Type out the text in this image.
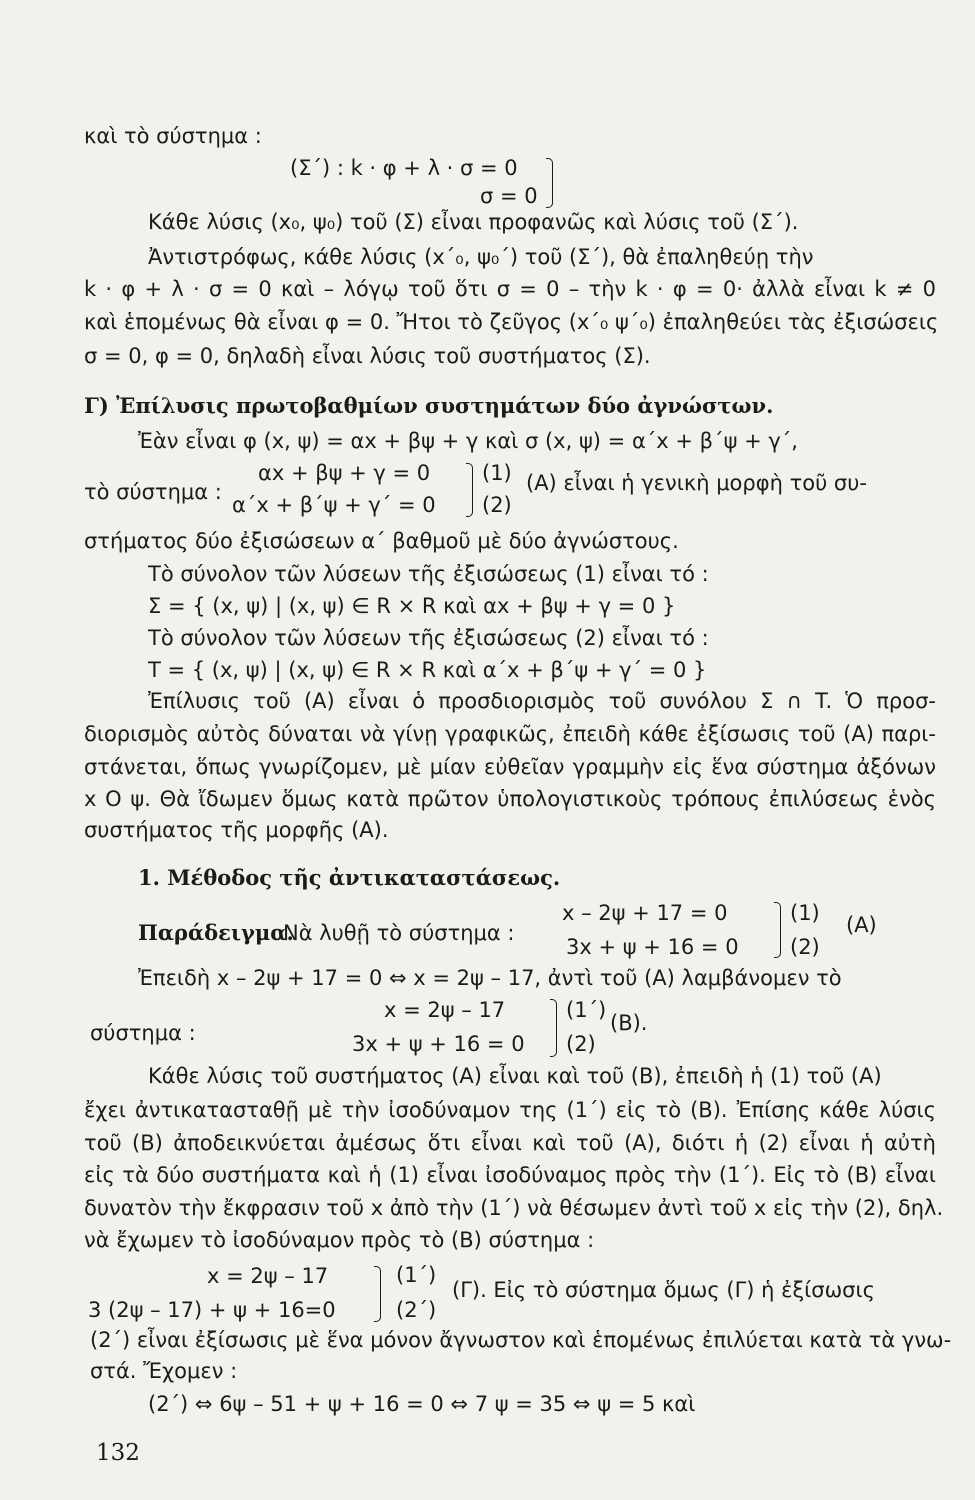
καὶ τὸ σύστημα :
(Σ΄) : k · φ + λ · σ = 0
σ = 0
Κάθε λύσις (x₀, ψ₀) τοῦ (Σ) εἶναι προφανῶς καὶ λύσις τοῦ (Σ΄).
Ἀντιστρόφως, κάθε λύσις (x΄₀, ψ₀΄) τοῦ (Σ΄), θὰ ἐπαληθεύῃ τὴν
k · φ + λ · σ = 0 καὶ – λόγῳ τοῦ ὅτι σ = 0 – τὴν k · φ = 0· ἀλλὰ εἶναι k ≠ 0
καὶ ἑπομένως θὰ εἶναι φ = 0. Ἤτοι τὸ ζεῦγος (x΄₀ ψ΄₀) ἐπαληθεύει τὰς ἐξισώσεις
σ = 0, φ = 0, δηλαδὴ εἶναι λύσις τοῦ συστήματος (Σ).
Γ) Ἐπίλυσις πρωτοβαθμίων συστημάτων δύο ἀγνώστων.
Ἐὰν εἶναι φ (x, ψ) = αx + βψ + γ καὶ σ (x, ψ) = α΄x + β΄ψ + γ΄,
τὸ σύστημα :
αx + βψ + γ = 0 (1) (Α) εἶναι ἡ γενικὴ μορφὴ τοῦ συ-
α΄x + β΄ψ + γ΄ = 0 (2)
στήματος δύο ἐξισώσεων α΄ βαθμοῦ μὲ δύο ἀγνώστους.
Τὸ σύνολον τῶν λύσεων τῆς ἐξισώσεως (1) εἶναι τό :
Σ = { (x, ψ) | (x, ψ) ∈ R × R καὶ αx + βψ + γ = 0 }
Τὸ σύνολον τῶν λύσεων τῆς ἐξισώσεως (2) εἶναι τό :
T = { (x, ψ) | (x, ψ) ∈ R × R καὶ α΄x + β΄ψ + γ΄ = 0 }
Ἐπίλυσις τοῦ (Α) εἶναι ὁ προσδιορισμὸς τοῦ συνόλου Σ ∩ T. Ὁ προσ-
διορισμὸς αὐτὸς δύναται νὰ γίνῃ γραφικῶς, ἐπειδὴ κάθε ἐξίσωσις τοῦ (Α) παρι-
στάνεται, ὅπως γνωρίζομεν, μὲ μίαν εὐθεῖαν γραμμὴν εἰς ἕνα σύστημα ἀξόνων
x O ψ. Θὰ ἴδωμεν ὅμως κατὰ πρῶτον ὑπολογιστικοὺς τρόπους ἐπιλύσεως ἑνὸς
συστήματος τῆς μορφῆς (Α).
1. Μέθοδος τῆς ἀντικαταστάσεως.
Παράδειγμα.
Νὰ λυθῇ τὸ σύστημα :
x – 2ψ + 17 = 0	(1) (Α)
3x + ψ + 16 = 0 (2)
Ἐπειδὴ x – 2ψ + 17 = 0 ⇔ x = 2ψ – 17, ἀντὶ τοῦ (Α) λαμβάνομεν τὸ
x = 2ψ – 17	(1΄)
σύστημα :	(Β).
3x + ψ + 16 = 0 (2)
Κάθε λύσις τοῦ συστήματος (Α) εἶναι καὶ τοῦ (Β), ἐπειδὴ ἡ (1) τοῦ (Α)
ἔχει ἀντικατασταθῇ μὲ τὴν ἰσοδύναμον της (1΄) εἰς τὸ (Β). Ἐπίσης κάθε λύσις
τοῦ (Β) ἀποδεικνύεται ἀμέσως ὅτι εἶναι καὶ τοῦ (Α), διότι ἡ (2) εἶναι ἡ αὐτὴ
εἰς τὰ δύο συστήματα καὶ ἡ (1) εἶναι ἰσοδύναμος πρὸς τὴν (1΄). Εἰς τὸ (Β) εἶναι
δυνατὸν τὴν ἔκφρασιν τοῦ x ἀπὸ τὴν (1΄) νὰ θέσωμεν ἀντὶ τοῦ x εἰς τὴν (2), δηλ.
νὰ ἔχωμεν τὸ ἰσοδύναμον πρὸς τὸ (Β) σύστημα :
x = 2ψ – 17	(1΄)
(Γ). Εἰς τὸ σύστημα ὅμως (Γ) ἡ ἐξίσωσις
3 (2ψ – 17) + ψ + 16=0	(2΄)
(2΄) εἶναι ἐξίσωσις μὲ ἕνα μόνον ἄγνωστον καὶ ἑπομένως ἐπιλύεται κατὰ τὰ γνω-
στά. Ἔχομεν :
(2΄) ⇔ 6ψ – 51 + ψ + 16 = 0 ⇔ 7 ψ = 35 ⇔ ψ = 5 καὶ
132
